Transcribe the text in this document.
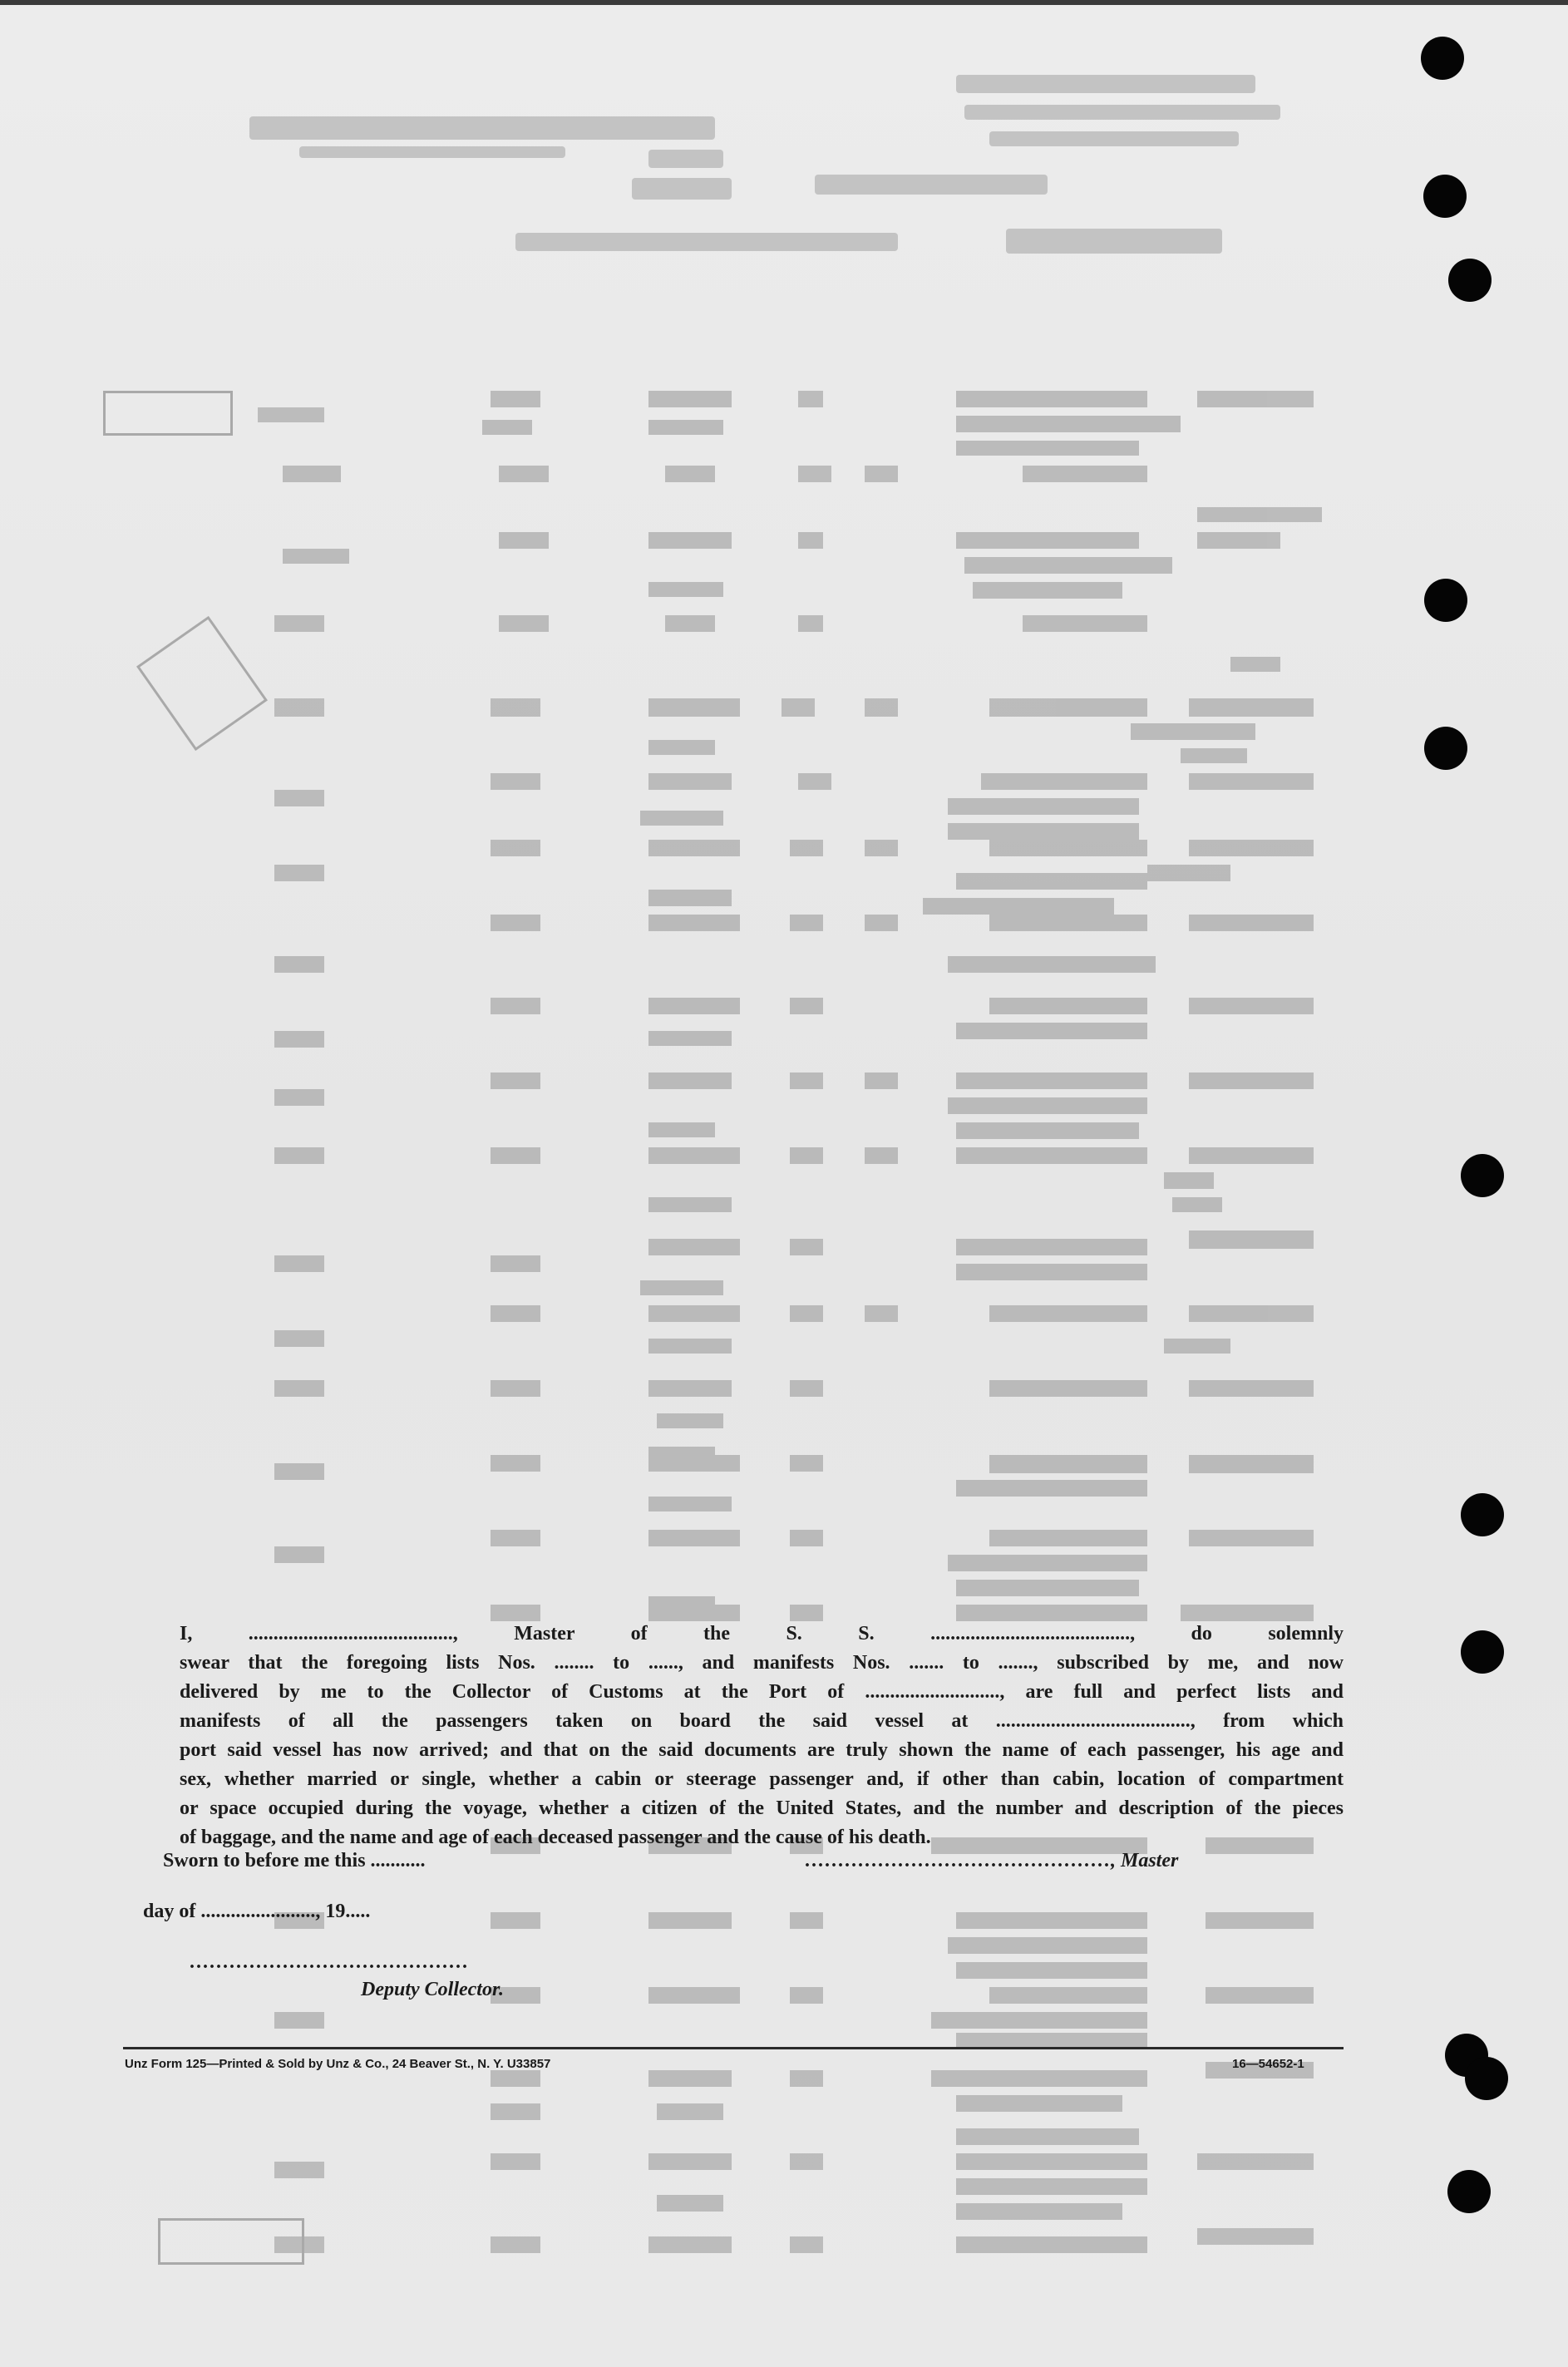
I, ........................................., Master of the S. S. ........................................, do solemnly

swear that the foregoing lists Nos. ........ to ......, and manifests Nos. ....... to ......., subscribed by me, and now

delivered by me to the Collector of Customs at the Port of ..........................., are full and perfect lists and

manifests of all the passengers taken on board the said vessel at ......................................., from which

port said vessel has now arrived; and that on the said documents are truly shown the name of each passenger, his age and

sex, whether married or single, whether a cabin or steerage passenger and, if other than cabin, location of compartment

or space occupied during the voyage, whether a citizen of the United States, and the number and description of the pieces

of baggage, and the name and age of each deceased passenger and the cause of his death.

Sworn to before me this ...........	.............................................., Master
day of ......................., 19.....
..........................................
Deputy Collector.
Unz Form 125—Printed & Sold by Unz & Co., 24 Beaver St., N. Y. U33857	16—54652-1
